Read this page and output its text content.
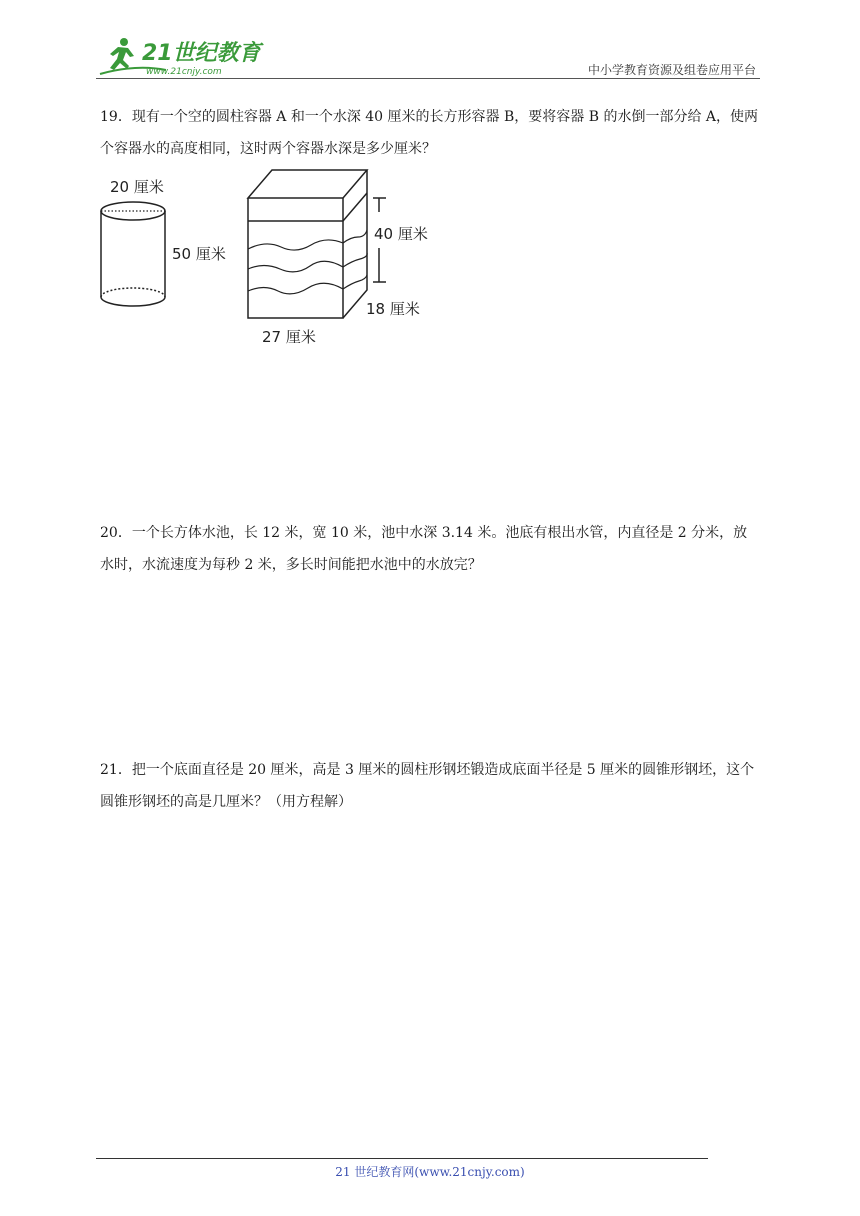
21世纪教育
www.21cnjy.com	中小学教育资源及组卷应用平台
19．现有一个空的圆柱容器 A 和一个水深 40 厘米的长方形容器 B，要将容器 B 的水倒一部分给 A，使两个容器水的高度相同，这时两个容器水深是多少厘米？
20 厘米
50 厘米
40 厘米
18 厘米
27 厘米
20．一个长方体水池，长 12 米，宽 10 米，池中水深 3.14 米。池底有根出水管，内直径是 2 分米，放水时，水流速度为每秒 2 米，多长时间能把水池中的水放完？
21．把一个底面直径是 20 厘米，高是 3 厘米的圆柱形钢坯锻造成底面半径是 5 厘米的圆锥形钢坯，这个圆锥形钢坯的高是几厘米？（用方程解）
21 世纪教育网(www.21cnjy.com)
